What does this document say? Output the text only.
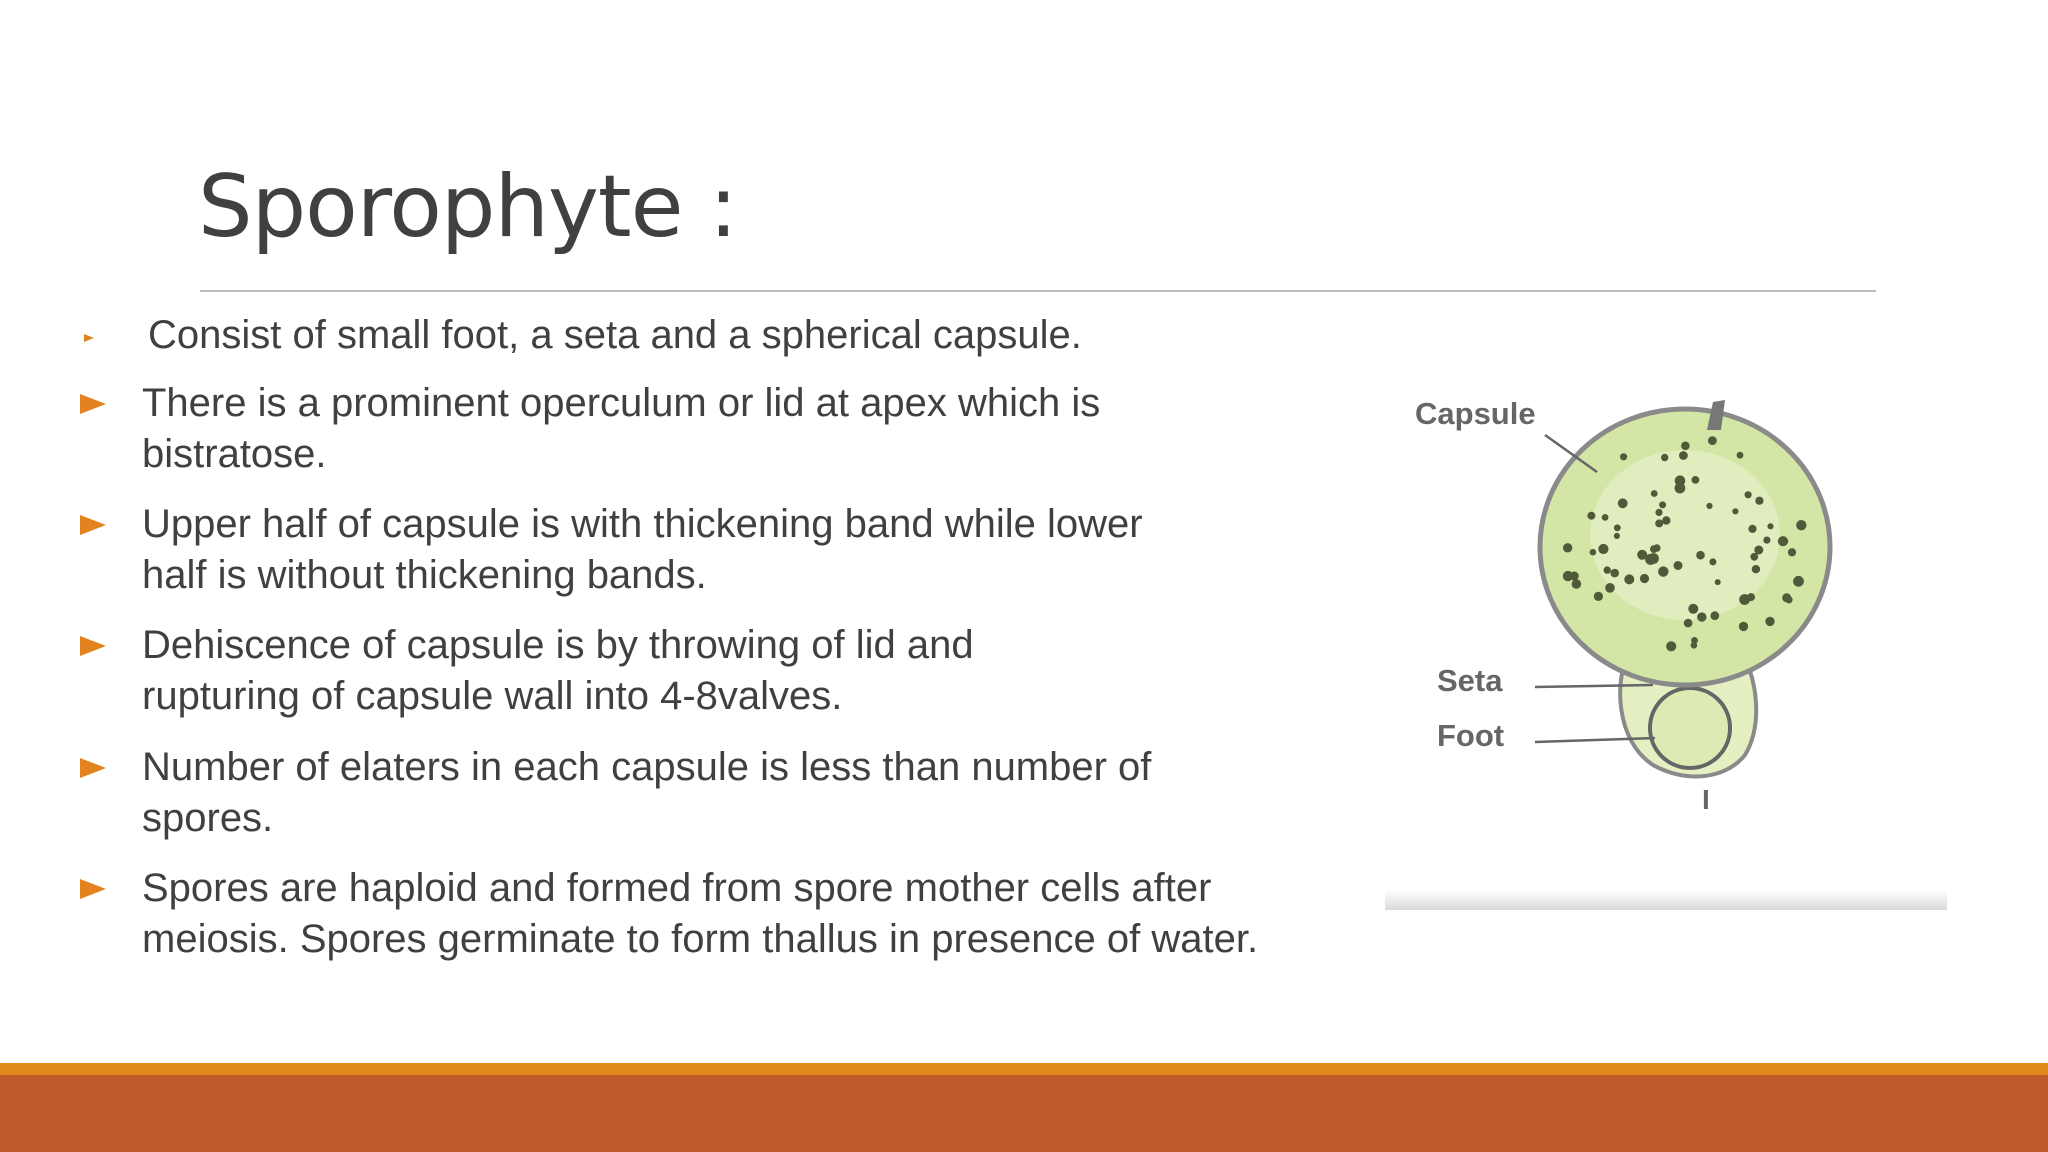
Sporophyte :
Consist of small foot, a seta and a spherical capsule.
There is a prominent operculum or lid at apex which is
bistratose.
Upper half of capsule is with thickening band while lower
half is without thickening bands.
Dehiscence of capsule is by throwing of lid and
rupturing of capsule wall into 4-8valves.
Number of elaters in each capsule is less than number of
spores.
Spores are haploid and formed from spore mother cells after
meiosis. Spores germinate to form thallus in presence of water.
Capsule
Seta
Foot
I
